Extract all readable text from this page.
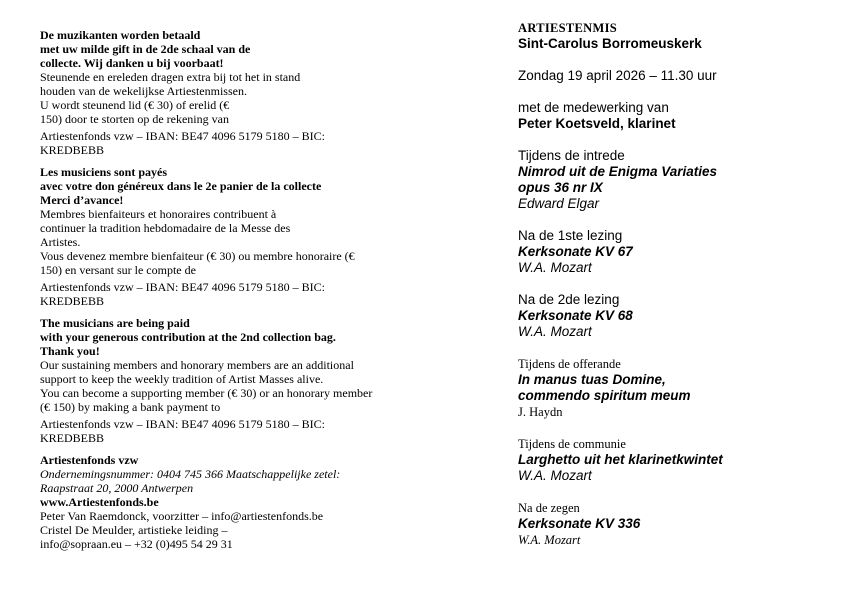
De muzikanten worden betaald
met uw milde gift in de 2de schaal van de
collecte. Wij danken u bij voorbaat!
Steunende en ereleden dragen extra bij tot het in stand
houden van de wekelijkse Artiestenmissen.
U wordt steunend lid (€ 30) of erelid (€
150) door te storten op de rekening van
Artiestenfonds vzw – IBAN: BE47 4096 5179 5180 – BIC:
KREDBEBB
Les musiciens sont payés
avec votre don généreux dans le 2e panier de la collecte
Merci d’avance!
Membres bienfaiteurs et honoraires contribuent à
continuer la tradition hebdomadaire de la Messe des
Artistes.
Vous devenez membre bienfaiteur (€ 30) ou membre honoraire (€
150) en versant sur le compte de
Artiestenfonds vzw – IBAN: BE47 4096 5179 5180 – BIC:
KREDBEBB
The musicians are being paid
with your generous contribution at the 2nd collection bag.
Thank you!
Our sustaining members and honorary members are an additional
support to keep the weekly tradition of Artist Masses alive.
You can become a supporting member (€ 30) or an honorary member
(€ 150) by making a bank payment to
Artiestenfonds vzw – IBAN: BE47 4096 5179 5180 – BIC:
KREDBEBB
Artiestenfonds vzw
Ondernemingsnummer: 0404 745 366 Maatschappelijke zetel:
Raapstraat 20, 2000 Antwerpen
www.Artiestenfonds.be
Peter Van Raemdonck, voorzitter – info@artiestenfonds.be
Cristel De Meulder, artistieke leiding –
info@sopraan.eu – +32 (0)495 54 29 31
ARTIESTENMIS
Sint-Carolus Borromeuskerk
Zondag 19 april 2026 – 11.30 uur
met de medewerking van
Peter Koetsveld, klarinet
Tijdens de intrede
Nimrod uit de Enigma Variaties
opus 36 nr IX
Edward Elgar
Na de 1ste lezing
Kerksonate KV 67
W.A. Mozart
Na de 2de lezing
Kerksonate KV 68
W.A. Mozart
Tijdens de offerande
In manus tuas Domine,
commendo spiritum meum
J. Haydn
Tijdens de communie
Larghetto uit het klarinetkwintet
W.A. Mozart
Na de zegen
Kerksonate KV 336
W.A. Mozart
